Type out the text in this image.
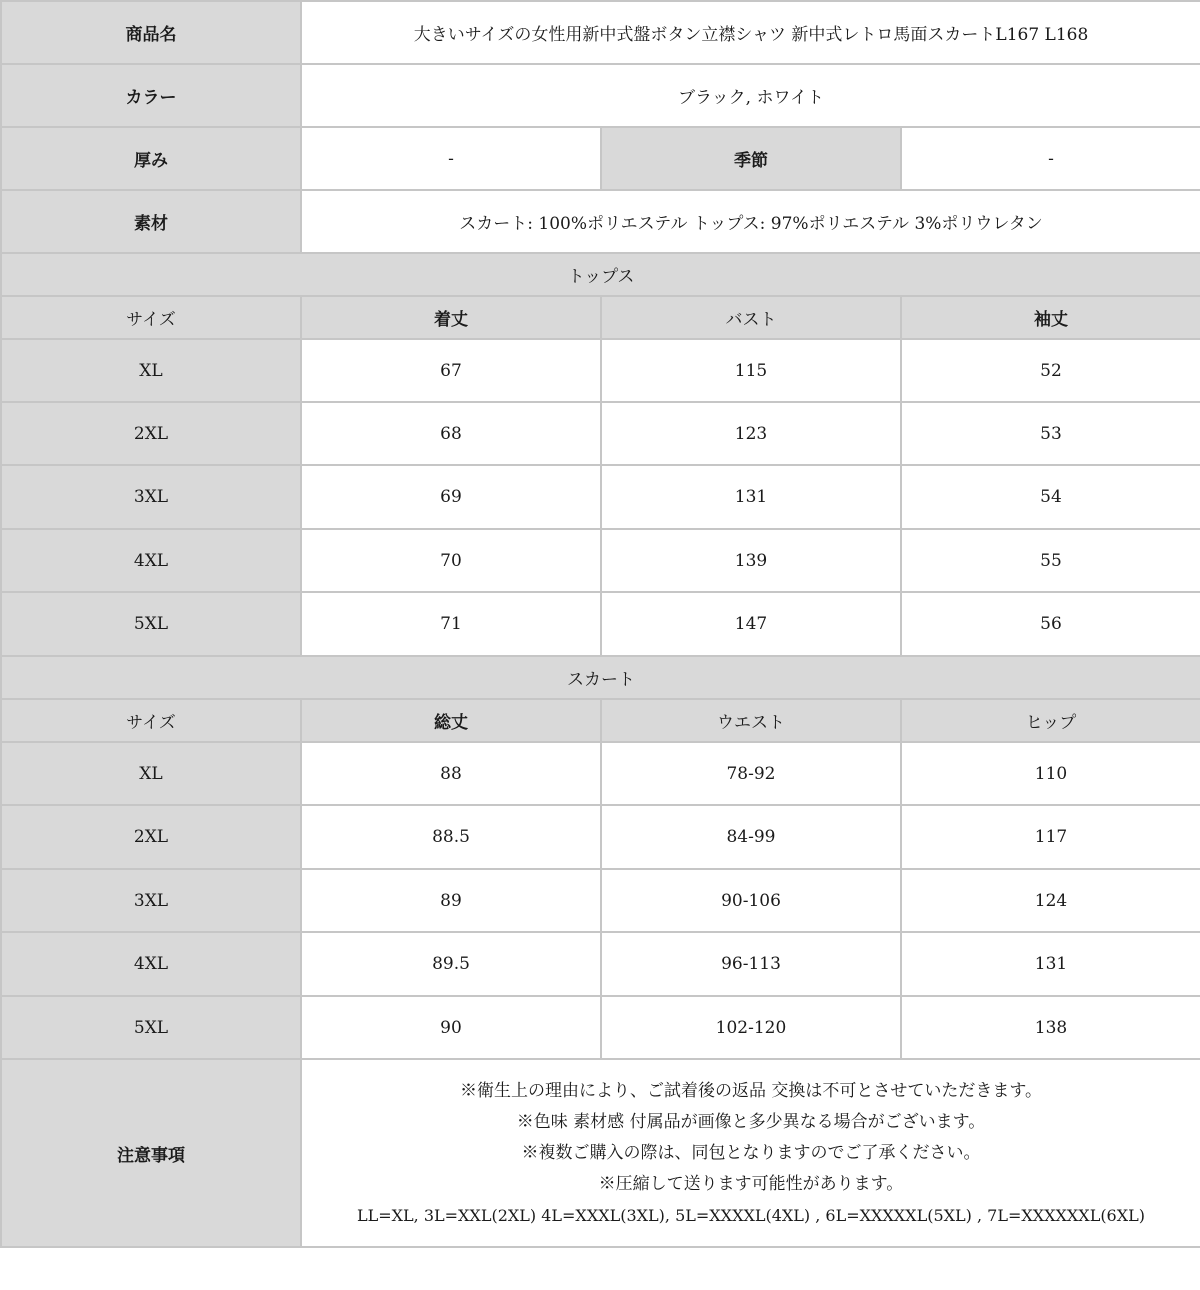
商品名	大きいサイズの女性用新中式盤ボタン立襟シャツ 新中式レトロ馬面スカートL167 L168		
カラー	ブラック, ホワイト		
厚み	-	季節	-
素材	スカート: 100%ポリエステル トップス: 97%ポリエステル 3%ポリウレタン		
トップス			
サイズ	着丈	バスト	袖丈
XL	67	115	52
2XL	68	123	53
3XL	69	131	54
4XL	70	139	55
5XL	71	147	56
スカート			
サイズ	総丈	ウエスト	ヒップ
XL	88	78-92	110
2XL	88.5	84-99	117
3XL	89	90-106	124
4XL	89.5	96-113	131
5XL	90	102-120	138
注意事項	※衛生上の理由により、ご試着後の返品 交換は不可とさせていただきます。
※色味 素材感 付属品が画像と多少異なる場合がございます。
※複数ご購入の際は、同包となりますのでご了承ください。
※圧縮して送ります可能性があります。
LL=XL, 3L=XXL(2XL) 4L=XXXL(3XL), 5L=XXXXL(4XL) , 6L=XXXXXL(5XL) , 7L=XXXXXXL(6XL)		
